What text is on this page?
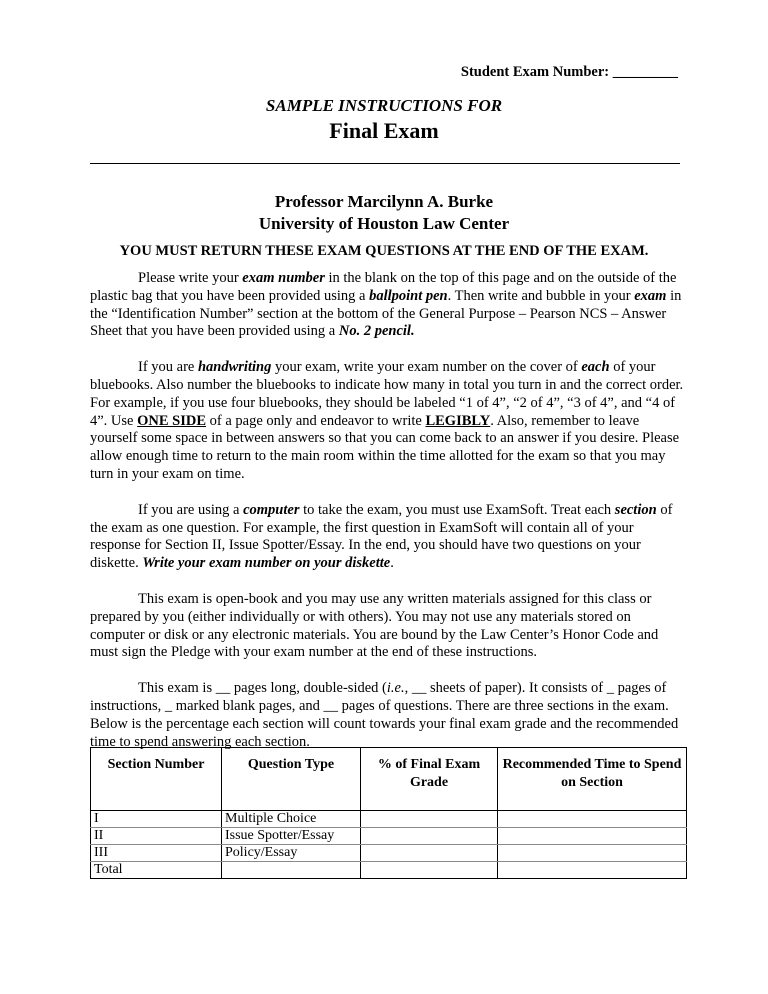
Student Exam Number: _________
SAMPLE INSTRUCTIONS FOR
Final Exam
Professor Marcilynn A. Burke
University of Houston Law Center
YOU MUST RETURN THESE EXAM QUESTIONS AT THE END OF THE EXAM.

Please write your exam number in the blank on the top of this page and on the outside of the plastic bag that you have been provided using a ballpoint pen. Then write and bubble in your exam in the “Identification Number” section at the bottom of the General Purpose – Pearson NCS – Answer Sheet that you have been provided using a No. 2 pencil.

If you are handwriting your exam, write your exam number on the cover of each of your bluebooks. Also number the bluebooks to indicate how many in total you turn in and the correct order. For example, if you use four bluebooks, they should be labeled “1 of 4”, “2 of 4”, “3 of 4”, and “4 of 4”. Use ONE SIDE of a page only and endeavor to write LEGIBLY. Also, remember to leave yourself some space in between answers so that you can come back to an answer if you desire. Please allow enough time to return to the main room within the time allotted for the exam so that you may turn in your exam on time.

If you are using a computer to take the exam, you must use ExamSoft. Treat each section of the exam as one question. For example, the first question in ExamSoft will contain all of your response for Section II, Issue Spotter/Essay. In the end, you should have two questions on your diskette. Write your exam number on your diskette.

This exam is open-book and you may use any written materials assigned for this class or prepared by you (either individually or with others). You may not use any materials stored on computer or disk or any electronic materials. You are bound by the Law Center’s Honor Code and must sign the Pledge with your exam number at the end of these instructions.

This exam is __ pages long, double-sided (i.e., __ sheets of paper). It consists of _ pages of instructions, _ marked blank pages, and __ pages of questions. There are three sections in the exam. Below is the percentage each section will count towards your final exam grade and the recommended time to spend answering each section.

Section Number	Question Type	% of Final Exam Grade	Recommended Time to Spend on Section
I	Multiple Choice		
II	Issue Spotter/Essay		
III	Policy/Essay		
Total			
